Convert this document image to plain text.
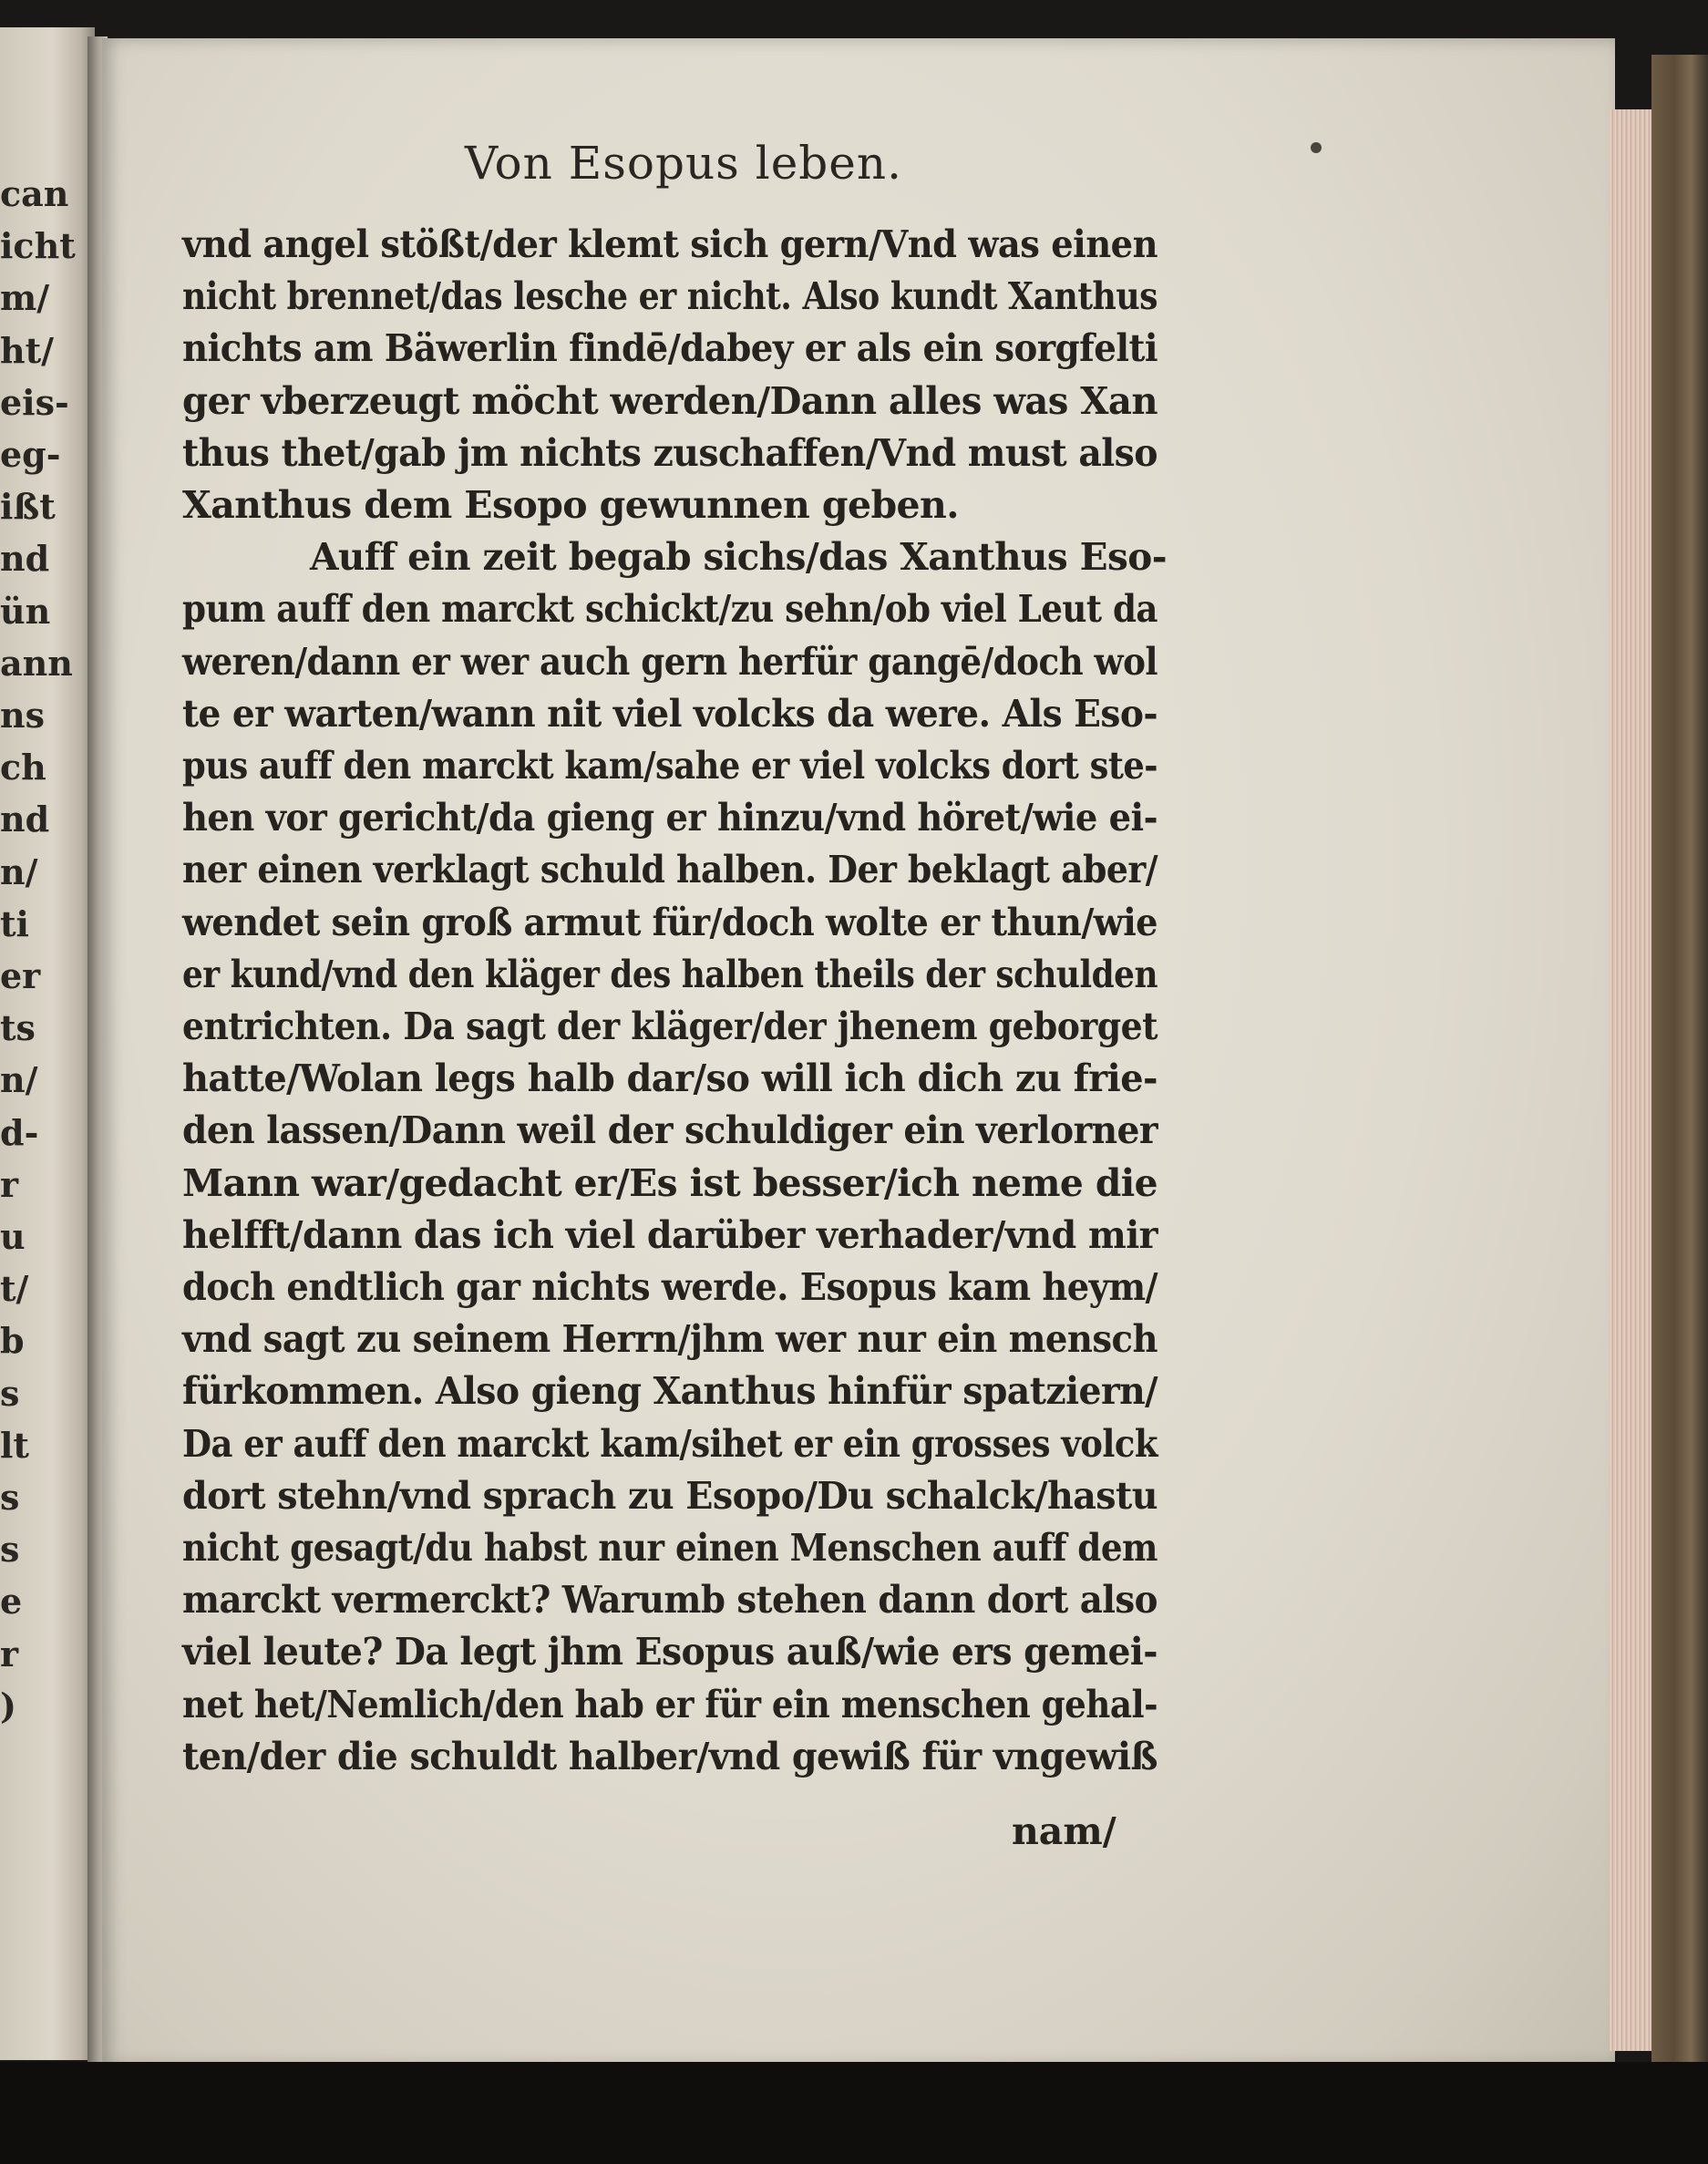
can
icht
m/
ht/
eis-
eg-
ißt
nd
ün
ann
ns
ch
nd
n/
ti
er
ts
n/
d-
r
u
t/
b
s
lt
s
s
e
r
)
Von Esopus leben.
vnd angel stößt/der klemt sich gern/Vnd was einen
nicht brennet/das lesche er nicht. Also kundt Xanthus
nichts am Bäwerlin findē/dabey er als ein sorgfelti
ger vberzeugt möcht werden/Dann alles was Xan
thus thet/gab jm nichts zuschaffen/Vnd must also
Xanthus dem Esopo gewunnen geben.
Auff ein zeit begab sichs/das Xanthus Eso-
pum auff den marckt schickt/zu sehn/ob viel Leut da
weren/dann er wer auch gern herfür gangē/doch wol
te er warten/wann nit viel volcks da were. Als Eso-
pus auff den marckt kam/sahe er viel volcks dort ste-
hen vor gericht/da gieng er hinzu/vnd höret/wie ei-
ner einen verklagt schuld halben. Der beklagt aber/
wendet sein groß armut für/doch wolte er thun/wie
er kund/vnd den kläger des halben theils der schulden
entrichten. Da sagt der kläger/der jhenem geborget
hatte/Wolan legs halb dar/so will ich dich zu frie-
den lassen/Dann weil der schuldiger ein verlorner
Mann war/gedacht er/Es ist besser/ich neme die
helfft/dann das ich viel darüber verhader/vnd mir
doch endtlich gar nichts werde. Esopus kam heym/
vnd sagt zu seinem Herrn/jhm wer nur ein mensch
fürkommen. Also gieng Xanthus hinfür spatziern/
Da er auff den marckt kam/sihet er ein grosses volck
dort stehn/vnd sprach zu Esopo/Du schalck/hastu
nicht gesagt/du habst nur einen Menschen auff dem
marckt vermerckt? Warumb stehen dann dort also
viel leute? Da legt jhm Esopus auß/wie ers gemei-
net het/Nemlich/den hab er für ein menschen gehal-
ten/der die schuldt halber/vnd gewiß für vngewiß
nam/
